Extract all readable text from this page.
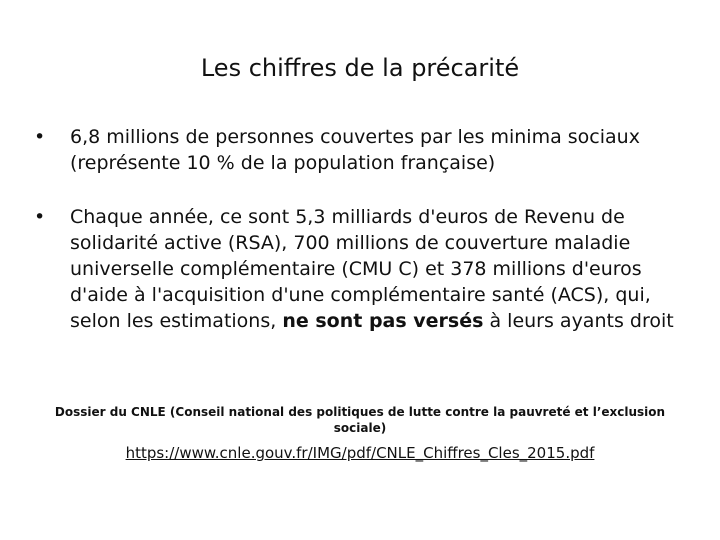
Les chiffres de la précarité
• 6,8 millions de personnes couvertes par les minima sociaux (représente 10 % de la population française)
• Chaque année, ce sont 5,3 milliards d'euros de Revenu de solidarité active (RSA), 700 millions de couverture maladie universelle complémentaire (CMU C) et 378 millions d'euros d'aide à l'acquisition d'une complémentaire santé (ACS), qui, selon les estimations, ne sont pas versés à leurs ayants droit
Dossier du CNLE (Conseil national des politiques de lutte contre la pauvreté et l’exclusion sociale)
https://www.cnle.gouv.fr/IMG/pdf/CNLE_Chiffres_Cles_2015.pdf
